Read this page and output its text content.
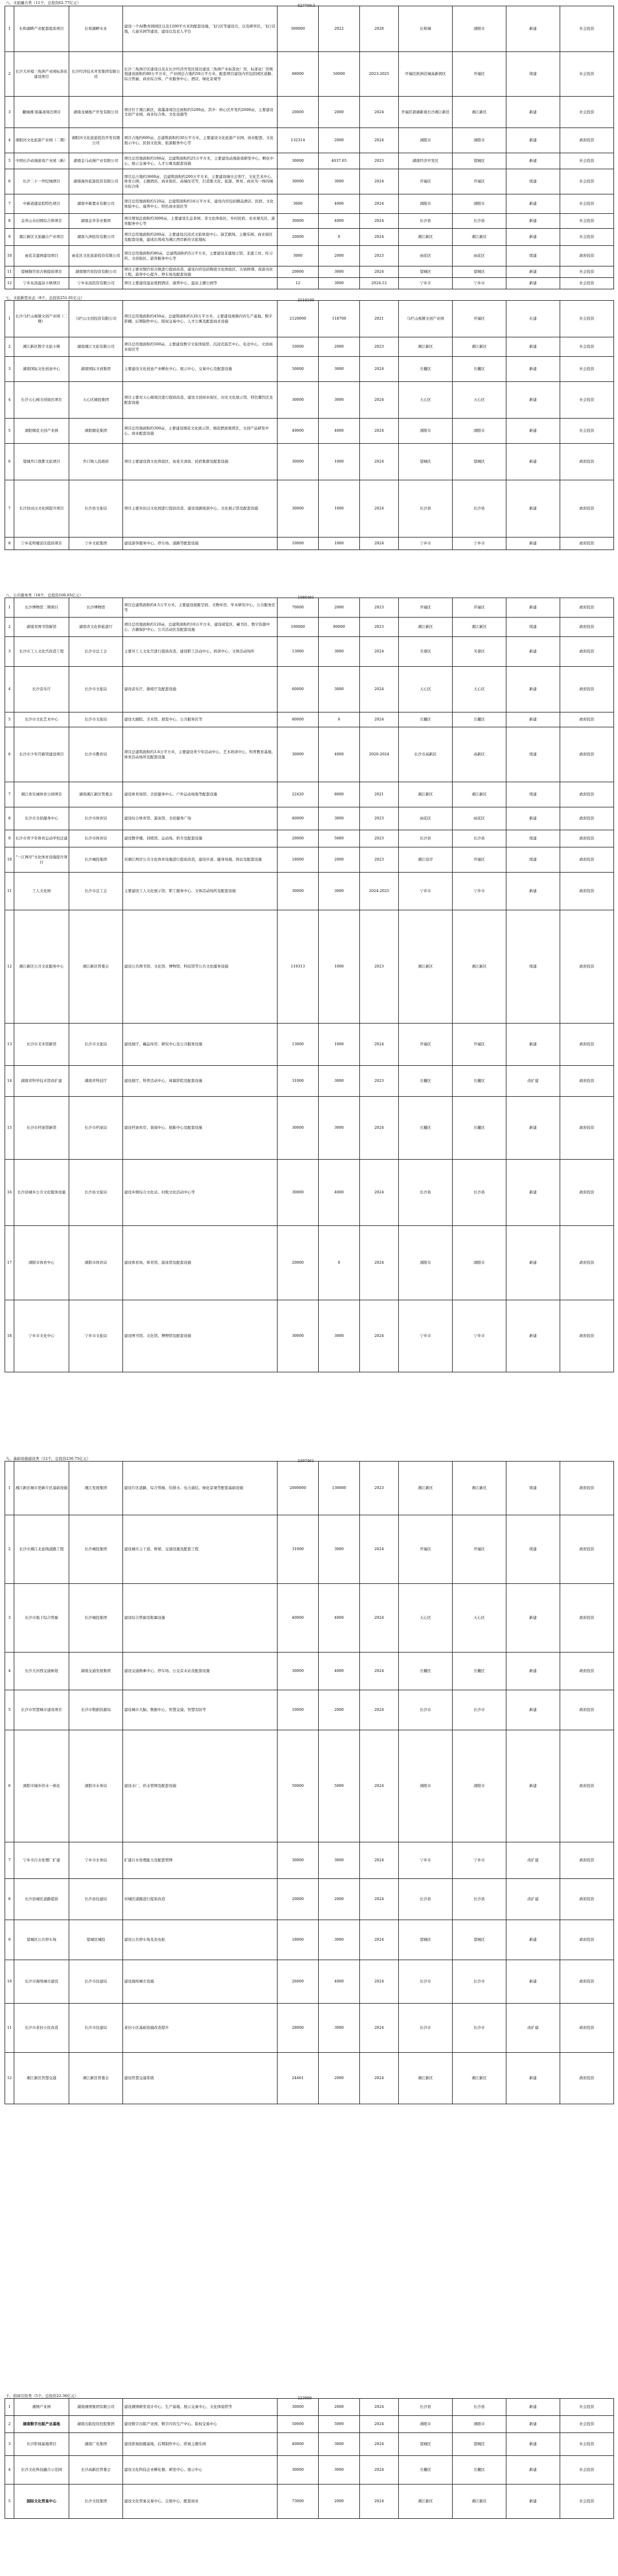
六、文旅融合类（11个，总投资62.77亿元）
627759.5
1	长和湖畔产业配套提质项目	长和湖畔实业	建设一个AI教育园园区以及1200平方米的配套设施，飞行区等建设共，以及研学区，飞行营地，儿童乐园等建设，建设以及农人平台	300000	2022	2028	长和城	浏阳市	新建	社会投资
2	长沙大环境三角洲产业园标准化建设项目	长沙经济技术开发集团有限公司	长沙三角洲片区建设以及在长沙经济开发区周边建设三角洲产业标准化厂房。标准化厂房规划建设面积约80万平方米，产业园总占地约50万平方米，配套项目建设内容包括园区道路、综合管廊、商业综合体、产业服务中心、酒店、绿化景观等	88000	50000	2023-2025	开福区欧洲营城高新园区	开福区	续建	社会投资
3	麓城湘·南墨斋周边项目	湖南龙城地产开发有限公司	项目位于湘江新区，南墨斋周边总面积约5200亩。其中：核心区开发约2600亩，主要建设文创产业园、商业综合体、文化设施等	20000	2000	2024	开福区碧湖新南长沙湘江新区	湘江新区	新建	社会投资
4	浏阳河文化旅游产业园（二期）	浏阳河文化旅游投资开发有限公司	项目占地约600亩，总建筑面积约30万平方米，主要建设文化旅游产业园、商业配套、文化展示中心、民俗文化街、旅游服务中心等	132314	2000	2024	浏阳市	浏阳市	新建	政府投资
5	中国长沙动漫游戏产业园（新）	湖南金马动漫产业有限公司	项目总用地面积约180亩，总建筑面积约25万平方米，主要建设动漫游戏研发中心、孵化中心、展示交易中心、人才公寓及配套设施	30000	4037.65	2023	湖南经济开发区	望城区	新建	社会投资
6	长沙二十一世纪城项目	湖南海外旅游投资有限公司	项目总占地约3600亩，总建筑面积约200万平方米，主要建设城市会客厅、文化艺术中心、体育公园、主题酒店、商业街区、高端住宅等，打造集文化、旅游、体育、商业为一体的城市综合体	30000	3000	2024	开福区	开福区	续建	社会投资
7	中新道盛景院特色项目	湖南中新置业有限公司	项目总用地面积约120亩，总建筑面积约16万平方米，建设内容包括精品酒店、民宿、文化体验中心、康养中心、特色商业街区等	3000	4000	2024	浏阳市	浏阳市	新建	社会投资
8	金井山水田园综合体项目	湖南金井茶业集团	项目规划总面积约3000亩，主要建设生态茶园、茶文化体验区、乡村民宿、农业观光区、游客服务中心等	30000	4000	2024	长沙县	长沙县	新建	社会投资
9	湘江新区文旅融合产业项目	湖南九洲投资有限公司	项目总用地面积约260亩，主要建设沉浸式文旅体验中心、演艺剧场、主题乐园、商业街区及配套设施，建成后将成为湘江西岸新的文旅地标	20000	0	2024	湘江新区	湘江新区	新建	社会投资
10	雨花非遗园建设项目	雨花区文化旅游投资有限公司	项目总用地面积约80亩，总建筑面积约5万平方米，主要建设非遗展示馆、非遗工坊、传习所、文创街区、游客服务中心等	3000	2000	2023	雨花区	雨花区	续建	政府投资
11	望城铜官窑古镇提质项目	湖南铜官窑投资有限公司	项目主要对铜官窑古镇进行提质改造，建设内容包括陶瓷文化体验区、古街修缮、夜游亮化工程、游客中心提升、停车场及配套设施	20000	3000	2024	望城区	望城区	新建	社会投资
12	宁乡灰汤温泉小镇项目	宁乡灰汤投资有限公司	项目主要建设温泉度假酒店、康养中心、温泉主题公园等	12	3000	2024.12	宁乡市	宁乡市	新建	社会投资
七、文旅新型业态（8个，总投资251.01亿元）	2510100
1	长沙马栏山视频文创产业园（二期）	马栏山文创投资有限公司	项目总用地面积约450亩，总建筑面积约120万平方米，主要建设视频内容生产基地、数字影棚、后期制作中心、版权交易中心、人才公寓及配套商业设施	2120000	118700	2021	马栏山视频文创产业园	开福区	在建	社会投资
2	湘江新区数字文旅小镇	湖南湘江文旅有限公司	项目总用地面积约500亩，主要建设数字文旅体验馆、沉浸式演艺中心、电竞中心、文创商业街区等	10000	2000	2023	湘江新区	湘江新区	新建	社会投资
3	湖南国际文化创意中心	湖南国际文创集团	主要建设文化创意产业孵化中心、展示中心、交易中心及配套设施	50000	3000	2024	岳麓区	岳麓区	新建	社会投资
4	长沙天心阁文创街区项目	天心区城投集团	项目主要对天心阁周边进行提质改造，建设文创商业街区、历史文化展示馆、特色餐饮区及配套设施	30000	3000	2024	天心区	天心区	新建	社会投资
5	浏阳烟花文创产业园	浏阳烟花集团	项目总用地面积约300亩，主要建设烟花文化展示馆、烟花燃放观赏区、文创产品研发中心、商业配套设施	49000	4000	2024	浏阳市	浏阳市	新建	社会投资
6	望城乔口渔都文旅项目	乔口镇人民政府	项目主要建设渔文化体验区、鱼宴美食街、民宿集群及配套设施	30000	1000	2024	望城区	望城区	新建	政府投资
7	长沙县田汉文化园提升项目	长沙县文旅局	项目主要对田汉文化园进行提质改造，建设戏剧展演中心、文化展示馆及配套设施	30000	1000	2024	长沙县	长沙县	新建	政府投资
8	宁乡花明楼景区提质项目	宁乡文旅集团	建设游客服务中心、停车场、道路等配套设施	10000	1000	2024	宁乡市	宁乡市	新建	政府投资
八、公共服务类（18个，总投资108.65亿元）	1086491
1	长沙博物馆二期项目	长沙博物馆	项目总建筑面积约4.5万平方米，主要建设展陈空间、文物库房、学术研究中心、公共服务区等	70000	2000	2023	开福区	开福区	新建	政府投资
2	湖南省图书馆新馆	湖南省文化和旅游厅	项目总用地面积约120亩，总建筑面积约10万平方米，建设阅览区、藏书区、数字资源中心、古籍保护中心、公共活动区及配套设施	100000	80000	2023	湘江新区	湘江新区	续建	政府投资
3	长沙市工人文化宫改造工程	长沙市总工会	主要对工人文化宫进行提质改造，建设职工活动中心、培训中心、文体活动场所	13000	3000	2024	芙蓉区	芙蓉区	新建	政府投资
4	长沙音乐厅	长沙市文旅局	建设音乐厅、排练厅及配套设施	60000	3000	2024	天心区	天心区	新建	政府投资
5	长沙市文化艺术中心	长沙市文旅局	建设大剧院、美术馆、展览中心、公共服务区等	80000	0	2024	岳麓区	岳麓区	新建	政府投资
6	长沙市少年宫新馆建设项目	长沙市教育局	项目总建筑面积约3.6万平方米，主要建设青少年活动中心、艺术培训中心、科普教育基地、体育活动场所及配套设施	30000	4000	2020-2024	长沙市高新区	高新区	续建	政府投资
7	湘江欢乐城体育公园项目	湖南湘江新区管委会	建设体育场馆、全民健身中心、户外运动场地等配套设施	22420	8000	2021	湘江新区	湘江新区	续建	政府投资
8	长沙市全民健身中心	长沙市体育局	建设综合体育馆、游泳馆、全民健身广场	40000	3000	2023	雨花区	雨花区	新建	政府投资
9	长沙市青少年体育运动学校迁建	长沙市体育局	建设教学楼、训练馆、运动场、宿舍及配套设施	20000	5000	2023	长沙县	长沙县	续建	政府投资
10	"一江两岸"文化体育设施提升项目	长沙城投集团	对湘江两岸公共文化体育设施进行提质改造，建设步道、健身场地、驿站及配套设施	18000	2000	2023	湘江沿岸	开福区	续建	政府投资
11	工人文化园	长沙市总工会	主要建设工人文化展示馆、职工服务中心、文体活动场所及配套设施	30000	3000	2024-2025	宁乡市	宁乡市	新建	政府投资
12	湘江新区公共文化服务中心	湘江新区管委会	建设公共图书馆、文化馆、博物馆、科技馆等公共文化服务设施	119313	1000	2023	湘江新区	湘江新区	续建	政府投资
13	长沙市美术馆新馆	长沙市文旅局	建设展厅、藏品库房、研究中心及公共服务设施	13000	1000	2024	开福区	开福区	新建	政府投资
14	湖南省科学技术馆改扩建	湖南省科技厅	建设展厅、科普活动中心、球幕影院及配套设施	31000	3000	2023	岳麓区	岳麓区	改扩建	政府投资
15	长沙市档案馆新馆	长沙市档案局	建设档案库房、查阅中心、展陈中心及配套设施	30000	3000	2024	岳麓区	岳麓区	新建	政府投资
16	长沙县城乡公共文化服务设施	长沙县文旅局	建设乡镇综合文化站、村级文化活动中心等	30000	4000	2024	长沙县	长沙县	新建	政府投资
17	浏阳市体育中心	浏阳市体育局	建设体育场、体育馆、游泳馆及配套设施	20000	0	2024	浏阳市	浏阳市	新建	政府投资
18	宁乡市文化中心	宁乡市文旅局	建设图书馆、文化馆、博物馆及配套设施	30000	3000	2024	宁乡市	宁乡市	新建	政府投资
九、基础设施建设类（12个，总投资230.75亿元）	2307461
1	湘江新区城市更新片区基础设施	湘江发展集团	建设片区道路、综合管廊、给排水、电力通信、绿化景观等配套基础设施	2000000	130000	2023	湘江新区	湘江新区	续建	政府投资
2	长沙市湘江北延线道路工程	长沙城投集团	建设城市主干道、桥梁、交通设施及配套工程	31000	3000	2024	开福区	开福区	续建	政府投资
3	长沙市地下综合管廊	长沙城投集团	建设综合管廊及附属设施	40000	4000	2024	天心区	天心区	新建	政府投资
4	长沙大河西交通枢纽	湖南交通发展集团	建设交通换乘中心、停车场、公交首末站及配套设施	30000	4000	2024	岳麓区	岳麓区	新建	政府投资
5	长沙市智慧城市建设项目	长沙市数据资源局	建设城市大脑、数据中心、智慧交通、智慧安防等	10000	2000	2024	长沙市	长沙市	新建	政府投资
6	浏阳市城乡供水一体化	浏阳市水务局	建设水厂、供水管网及配套设施	50000	5000	2024	浏阳市	浏阳市	新建	政府投资
7	宁乡市污水处理厂扩建	宁乡市水务局	扩建污水处理能力及配套管网	30000	3000	2024	宁乡市	宁乡市	改扩建	政府投资
8	长沙县城区道路提质	长沙县住建局	对城区道路进行提质改造	20000	2000	2024	长沙县	长沙县	改扩建	政府投资
9	望城区公共停车场	望城区城投	建设公共停车场及充电桩	18000	3000	2024	望城区	望城区	新建	政府投资
10	长沙市海绵城市建设	长沙市住建局	建设海绵城市设施	26000	4000	2024	长沙市	长沙市	新建	政府投资
11	长沙市老旧小区改造	长沙市住建局	老旧小区基础设施改造提升	28000	3000	2024	长沙市	长沙市	改扩建	政府投资
12	湘江新区智慧交通	湘江新区管委会	建设智慧交通系统	24461	2000	2024	湘江新区	湘江新区	新建	政府投资
十、招商引资类（5个，总投资22.36亿元）	223000
1	湘绣产业园	湖南湘绣集团有限公司	建设湘绣研发设计中心、生产基地、展示交易中心、文化体验馆等	30000	2000	2024	长沙县	长沙县	新建	社会投资
2	湖南数字出版产业基地	湖南出版投资控股集团	建设数字出版产业园、数字内容生产中心、版权交易中心	50000	5000	2024	浏阳市	浏阳市	新建	社会投资
3	长沙影视基地项目	湖南广电集团	建设影视拍摄基地、后期制作中心、影视主题乐园	40000	3000	2024	望城区	望城区	新建	社会投资
4	长沙文化科技融合示范园	长沙高新区管委会	建设文化科技企业孵化器、研发中心、展示中心	30000	3000	2024	岳麓区	岳麓区	新建	社会投资
5	国际文化贸易中心	长沙文投集团	建设文化贸易交易中心、会展中心、配套商业	73000	2000	2024	湘江新区	湘江新区	新建	社会投资
